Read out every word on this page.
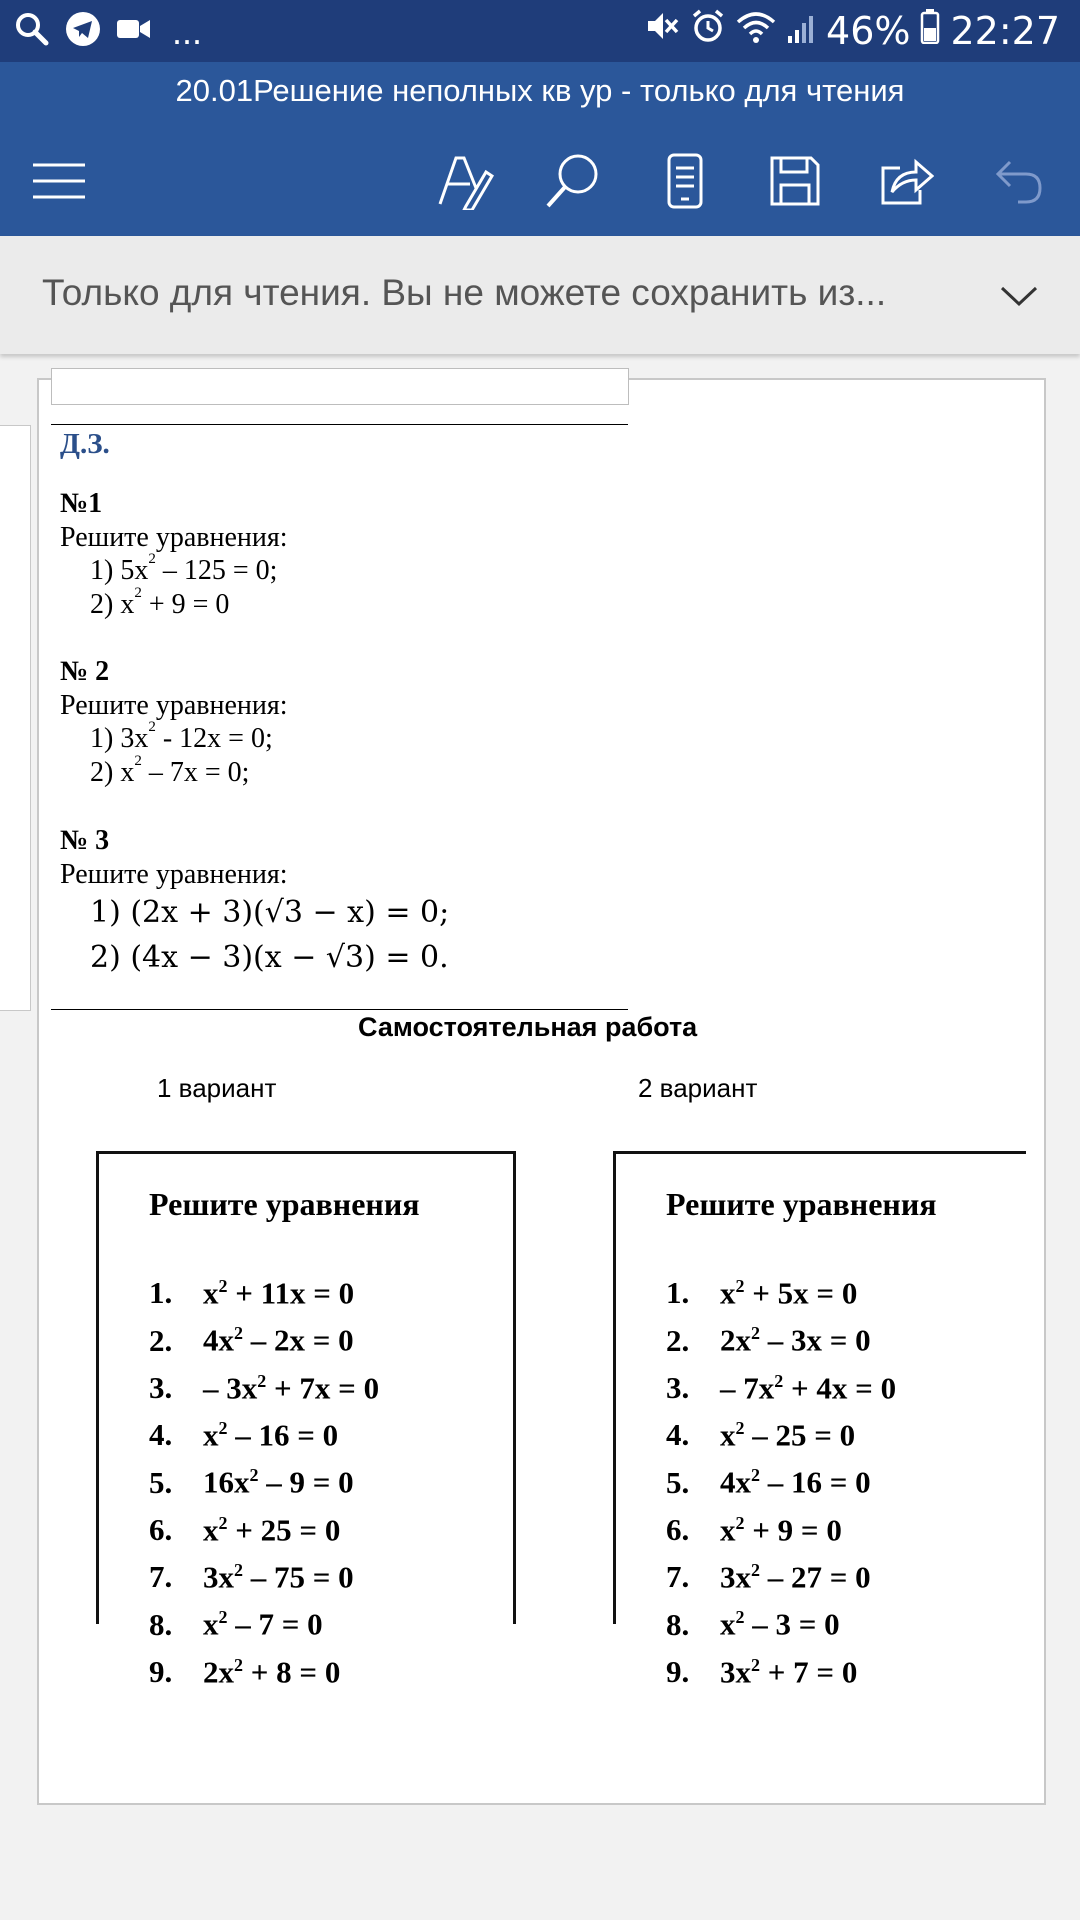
...	46% 22:27
20.01Решение неполных кв ур - только для чтения
Только для чтения. Вы не можете сохранить из...
Д.З.
№1
Решите уравнения:
1) $5x^2 - 125 = 0$;
2) $x^2 + 9 = 0$
№ 2
Решите уравнения:
1) $3x^2 - 12x = 0$;
2) $x^2 - 7x = 0$;
№ 3
Решите уравнения:
1) (2x + 3)(√3 − x) = 0;
2) (4x − 3)(x − √3) = 0.
Самостоятельная работа
1 вариант	2 вариант
Решите уравнения
1. $x^2 + 11x = 0$
2. $4x^2 - 2x = 0$
3. – $3x^2 + 7x = 0$
4. $x^2 - 16 = 0$
5. $16x^2 - 9 = 0$
6. $x^2 + 25 = 0$
7. $3x^2 - 75 = 0$
8. $x^2 - 7 = 0$
9. $2x^2 + 8 = 0$
Решите уравнения
1. $x^2 + 5x = 0$
2. $2x^2 - 3x = 0$
3. – $7x^2 + 4x = 0$
4. $x^2 - 25 = 0$
5. $4x^2 - 16 = 0$
6. $x^2 + 9 = 0$
7. $3x^2 - 27 = 0$
8. $x^2 - 3 = 0$
9. $3x^2 + 7 = 0$
